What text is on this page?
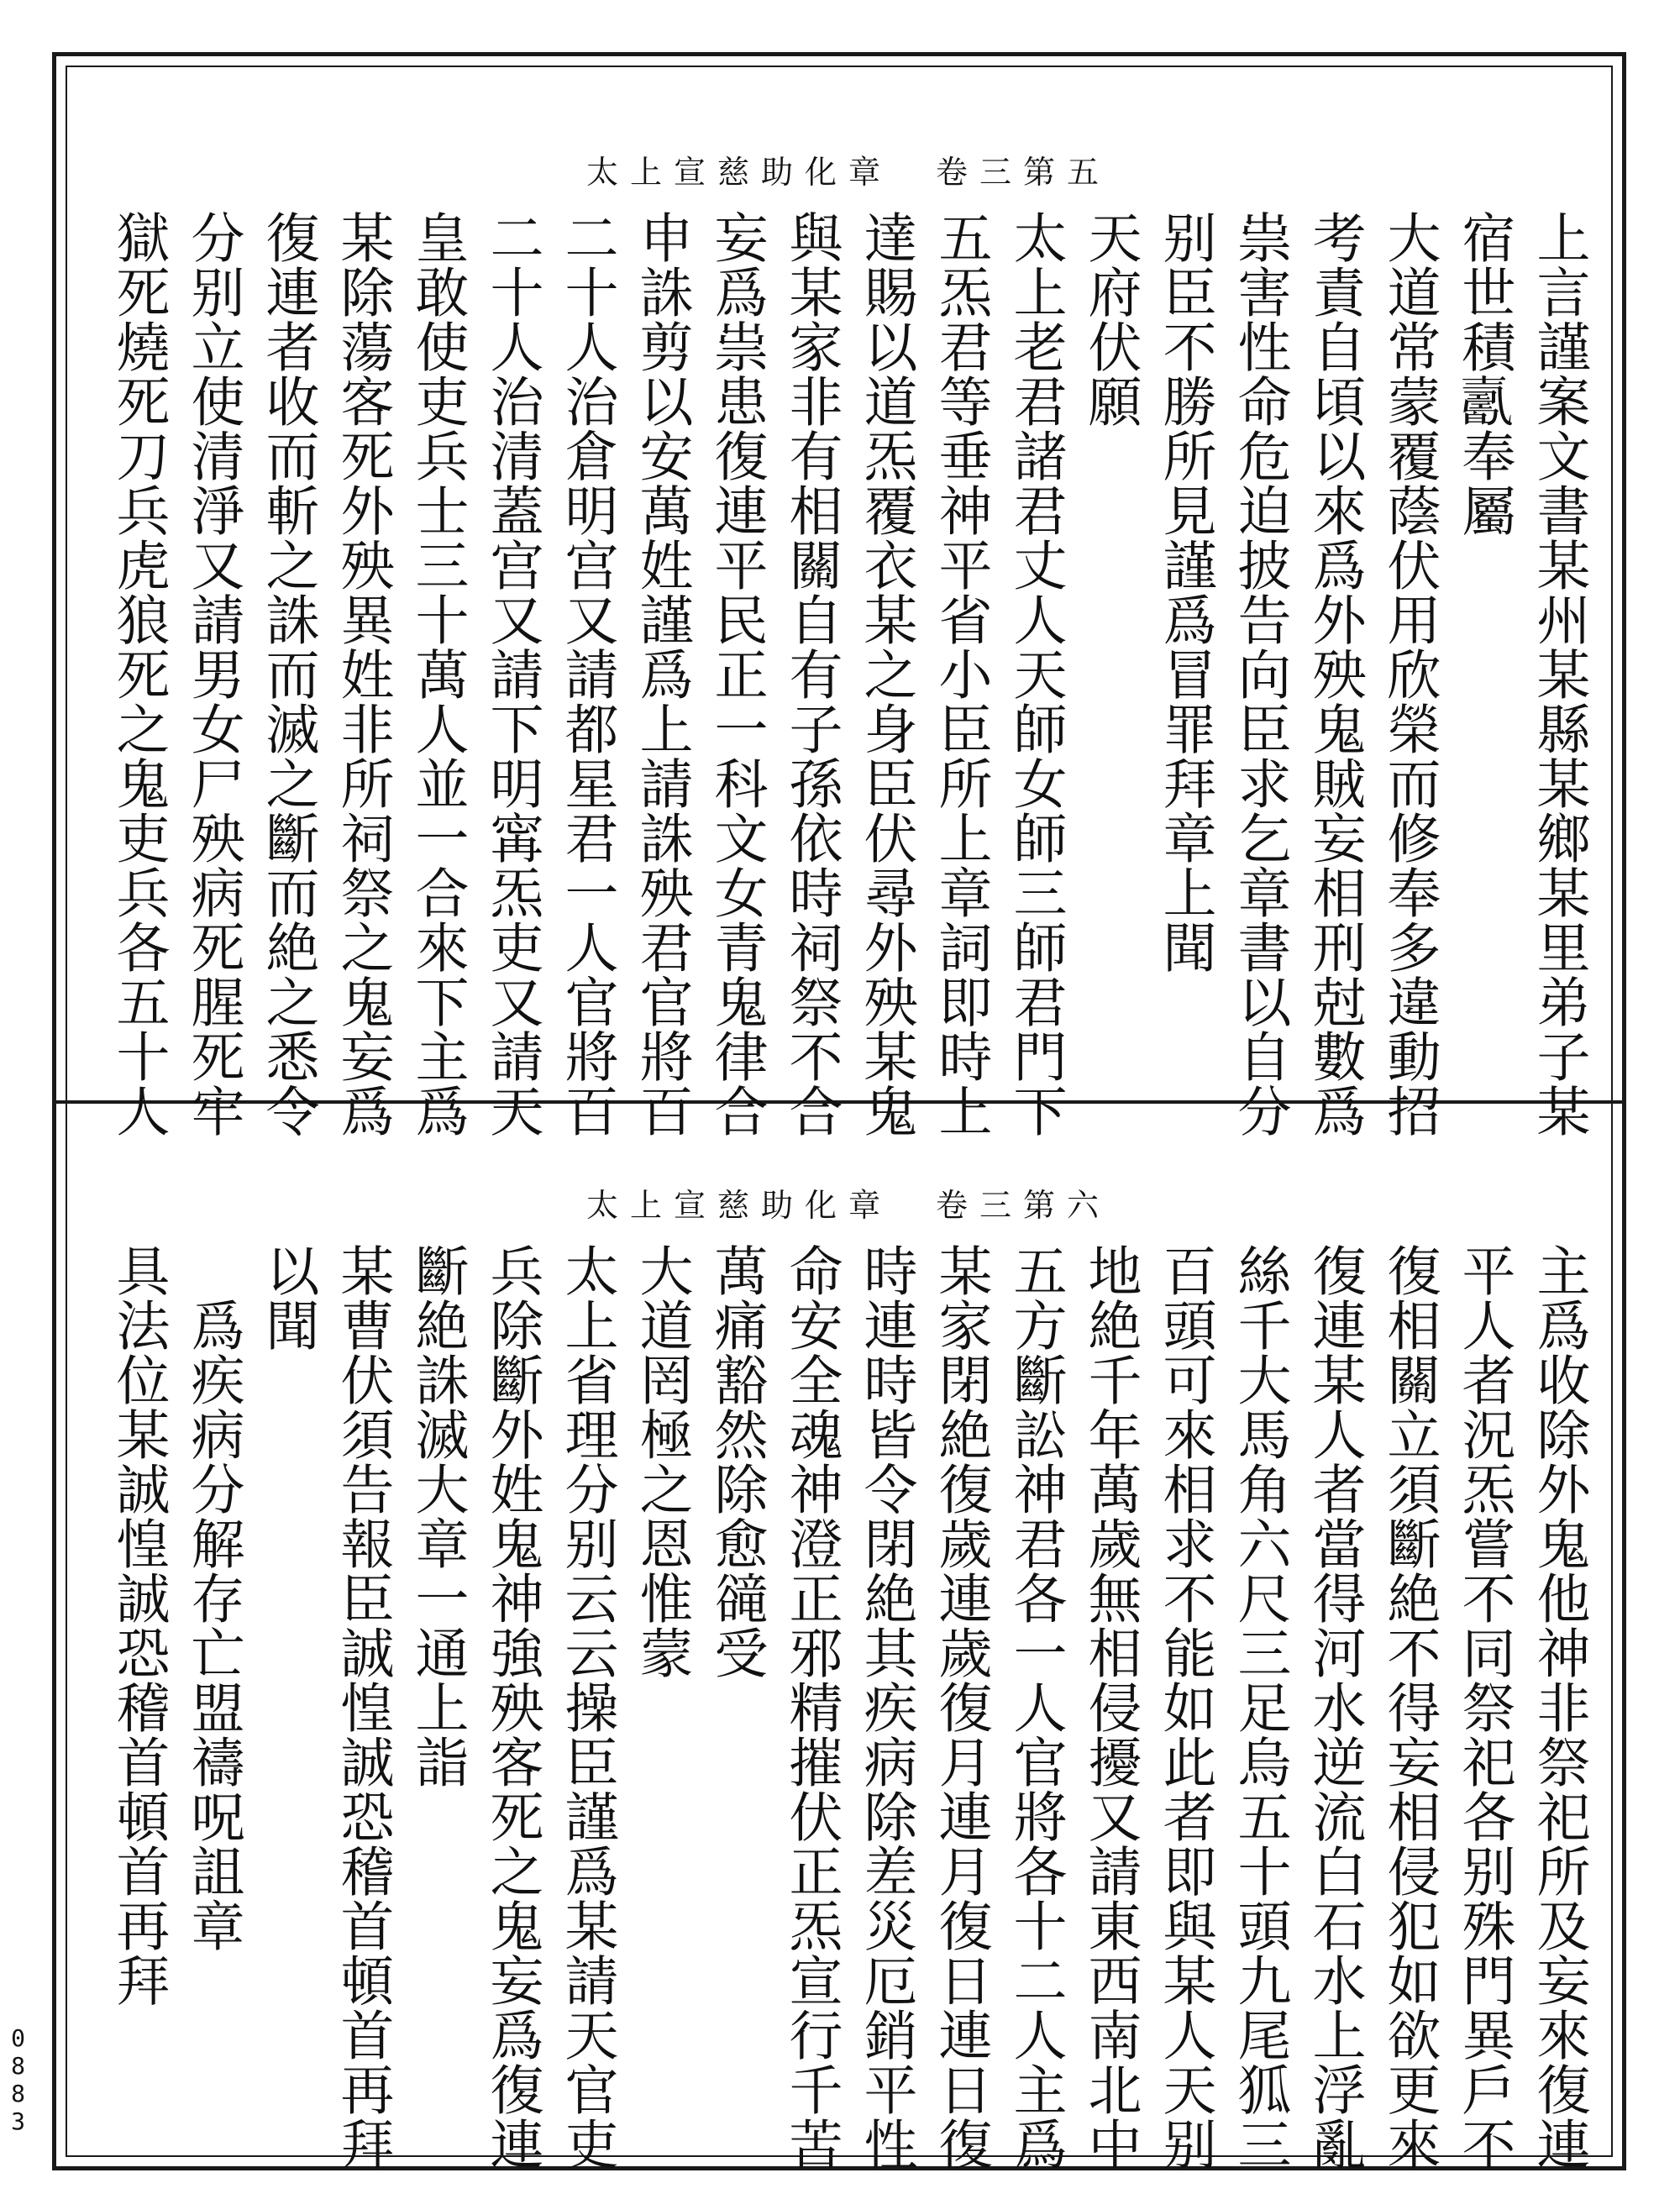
太上宣慈助化章　卷三第五
上言謹案文書某州某縣某鄉某里弟子某
宿世積𡕋奉屬
大道常蒙覆蔭伏用欣榮而修奉多違動招
考責自頃以來爲外殃鬼賊妄相刑尅數爲
祟害性命危迫披告向臣求乞章書以自分
别臣不勝所見謹爲冒罪拜章上聞
天府伏願
太上老君諸君丈人天師女師三師君門下
五炁君等垂神平省小臣所上章詞即時上
達賜以道炁覆衣某之身臣伏尋外殃某鬼
與某家非有相關自有子孫依時祠祭不合
妄爲祟患復連平民正一科文女青鬼律合
申誅剪以安萬姓謹爲上請誅殃君官將百
二十人治倉明宫又請都星君一人官將百
二十人治清蓋宫又請下明𡩋炁吏又請天
皇敢使吏兵士三十萬人並一合來下主爲
某除蕩客死外殃異姓非所祠祭之鬼妄爲
復連者收而斬之誅而滅之斷而絶之悉令
分别立使清淨又請男女尸殃病死腥死牢
獄死燒死刀兵虎狼死之鬼吏兵各五十人
太上宣慈助化章　卷三第六
主爲收除外鬼他神非祭祀所及妄來復連
平人者況炁嘗不同祭祀各别殊門異戶不
復相關立須斷絶不得妄相侵犯如欲更來
復連某人者當得河水逆流白石水上浮亂
絲千大馬角六尺三足烏五十頭九尾狐三
百頭可來相求不能如此者即與某人天别
地絶千年萬歲無相侵擾又請東西南北中
五方斷訟神君各一人官將各十二人主爲
某家閉絶復歲連歲復月連月復日連日復
時連時皆令閉絶其疾病除差災厄銷平性
命安全魂神澄正邪精摧伏正炁宣行千苦
萬痛豁然除愈𧯇受
大道罔極之恩惟蒙
太上省理分别云云操臣謹爲某請天官吏
兵除斷外姓鬼神強殃客死之鬼妄爲復連
斷絶誅滅大章一通上詣
某曹伏須告報臣誠惶誠恐稽首頓首再拜
以聞
　爲疾病分解存亡盟禱呪詛章
具法位某誠惶誠恐稽首頓首再拜
0883
